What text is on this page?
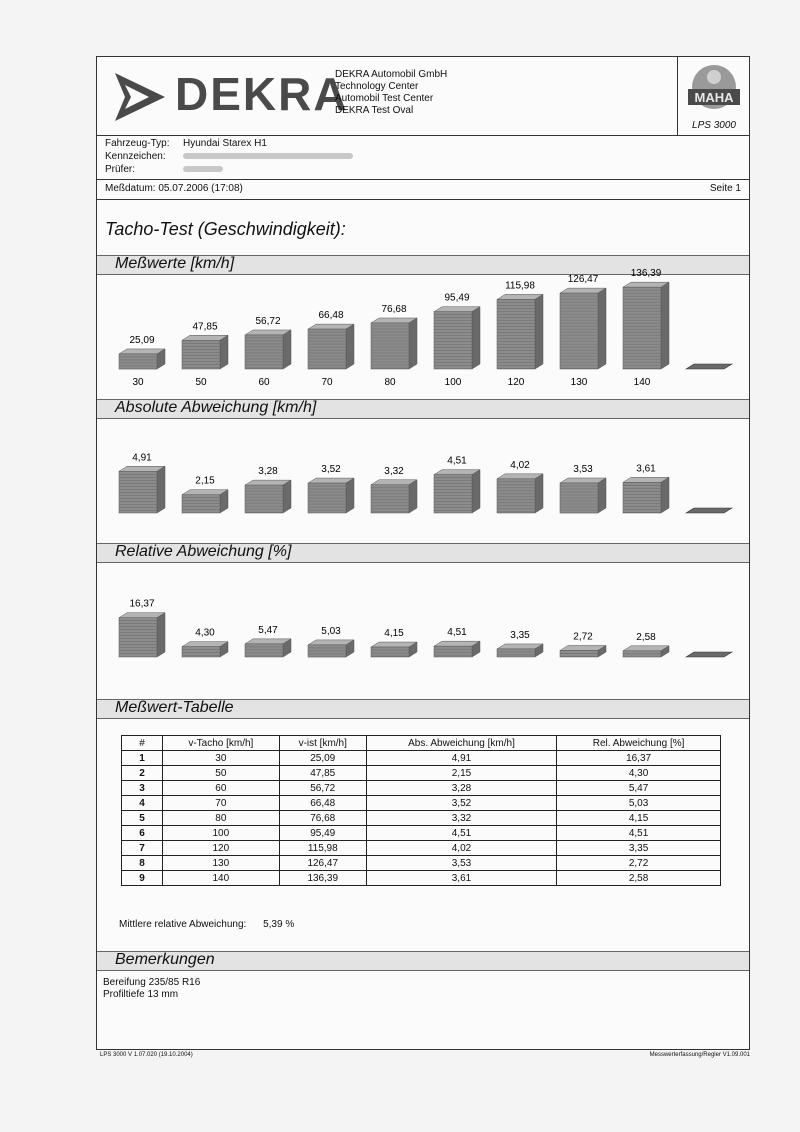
DEKRA
DEKRA Automobil GmbH
Technology Center
Automobil Test Center
DEKRA Test Oval
MAHA
LPS 3000
Fahrzeug-Typ: Hyundai Starex H1
Kennzeichen:
Prüfer:
Meßdatum: 05.07.2006 (17:08)	Seite 1
Tacho-Test (Geschwindigkeit):
Meßwerte [km/h]
25,09
30
47,85
50
56,72
60
66,48
70
76,68
80
95,49
100
115,98
120
126,47
130
136,39
140
Absolute Abweichung [km/h]
4,91
2,15
3,28	3,52	3,32
4,51	4,02	3,53	3,61
Relative Abweichung [%]
16,37
4,30	5,47	5,03	4,15	4,51	3,35	2,72	2,58
Meßwert-Tabelle
#	v-Tacho [km/h]	v-ist [km/h]	Abs. Abweichung [km/h]	Rel. Abweichung [%]
1	30	25,09	4,91	16,37
2	50	47,85	2,15	4,30
3	60	56,72	3,28	5,47
4	70	66,48	3,52	5,03
5	80	76,68	3,32	4,15
6	100	95,49	4,51	4,51
7	120	115,98	4,02	3,35
8	130	126,47	3,53	2,72
9	140	136,39	3,61	2,58
Mittlere relative Abweichung: 5,39 %
Bemerkungen
Bereifung 235/85 R16
Profiltiefe 13 mm
LPS 3000 V 1.07.020 (19.10.2004)	Messwerterfassung/Regler V1.09.001
